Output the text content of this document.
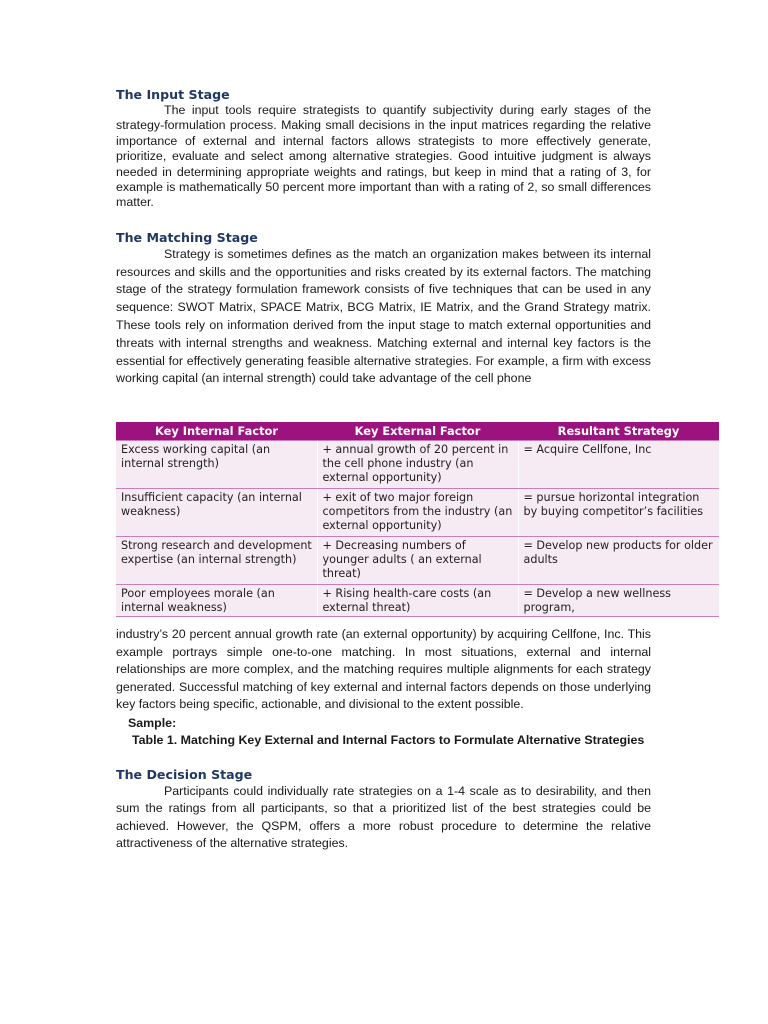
The Input Stage

The input tools require strategists to quantify subjectivity during early stages of the strategy-formulation process. Making small decisions in the input matrices regarding the relative importance of external and internal factors allows strategists to more effectively generate, prioritize, evaluate and select among alternative strategies. Good intuitive judgment is always needed in determining appropriate weights and ratings, but keep in mind that a rating of 3, for example is mathematically 50 percent more important than with a rating of 2, so small differences matter.

The Matching Stage

Strategy is sometimes defines as the match an organization makes between its internal resources and skills and the opportunities and risks created by its external factors. The matching stage of the strategy formulation framework consists of five techniques that can be used in any sequence: SWOT Matrix, SPACE Matrix, BCG Matrix, IE Matrix, and the Grand Strategy matrix. These tools rely on information derived from the input stage to match external opportunities and threats with internal strengths and weakness. Matching external and internal key factors is the essential for effectively generating feasible alternative strategies. For example, a firm with excess working capital (an internal strength) could take advantage of the cell phone

Key Internal Factor	Key External Factor	Resultant Strategy
Excess working capital (an internal strength)	+ annual growth of 20 percent in the cell phone industry (an external opportunity)	= Acquire Cellfone, Inc
Insufficient capacity (an internal weakness)	+ exit of two major foreign competitors from the industry (an external opportunity)	= pursue horizontal integration by buying competitor’s facilities
Strong research and development expertise (an internal strength)	+ Decreasing numbers of younger adults ( an external threat)	= Develop new products for older adults
Poor employees morale (an internal weakness)	+ Rising health-care costs (an external threat)	= Develop a new wellness program,

industry’s 20 percent annual growth rate (an external opportunity) by acquiring Cellfone, Inc. This example portrays simple one-to-one matching. In most situations, external and internal relationships are more complex, and the matching requires multiple alignments for each strategy generated. Successful matching of key external and internal factors depends on those underlying key factors being specific, actionable, and divisional to the extent possible.

Sample:

Table 1. Matching Key External and Internal Factors to Formulate Alternative Strategies

The Decision Stage

Participants could individually rate strategies on a 1-4 scale as to desirability, and then sum the ratings from all participants, so that a prioritized list of the best strategies could be achieved. However, the QSPM, offers a more robust procedure to determine the relative attractiveness of the alternative strategies.
